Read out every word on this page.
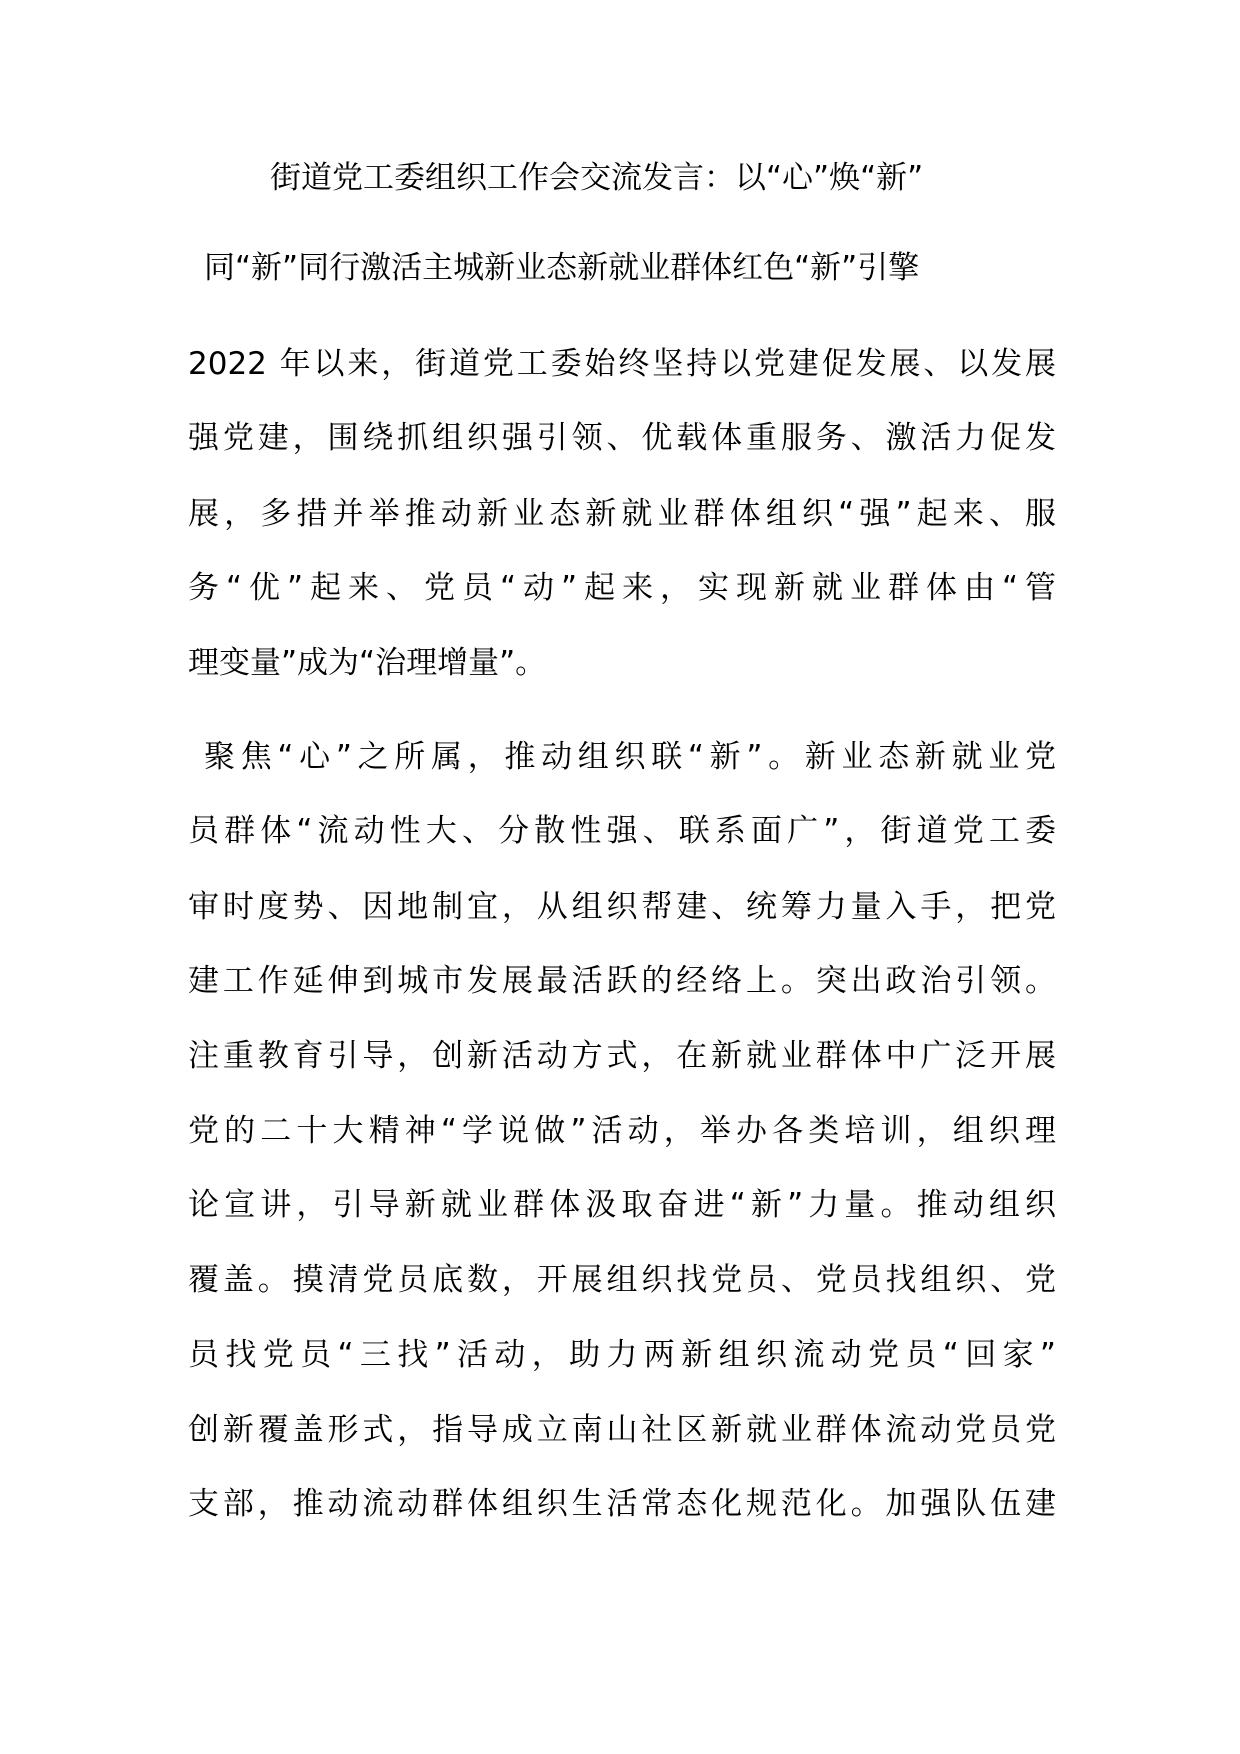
街道党工委组织工作会交流发言：以“心”焕“新”

同“新”同行激活主城新业态新就业群体红色“新”引擎

2022 年以来，街道党工委始终坚持以党建促发展、以发展

强党建，围绕抓组织强引领、优载体重服务、激活力促发

展，多措并举推动新业态新就业群体组织“强”起来、服

务“优”起来、党员“动”起来，实现新就业群体由“管

理变量”成为“治理增量”。

聚焦“心”之所属，推动组织联“新”。新业态新就业党

员群体“流动性大、分散性强、联系面广”，街道党工委

审时度势、因地制宜，从组织帮建、统筹力量入手，把党

建工作延伸到城市发展最活跃的经络上。突出政治引领。

注重教育引导，创新活动方式，在新就业群体中广泛开展

党的二十大精神“学说做”活动，举办各类培训，组织理

论宣讲，引导新就业群体汲取奋进“新”力量。推动组织

覆盖。摸清党员底数，开展组织找党员、党员找组织、党

员找党员“三找”活动，助力两新组织流动党员“回家”

创新覆盖形式，指导成立南山社区新就业群体流动党员党

支部，推动流动群体组织生活常态化规范化。加强队伍建
